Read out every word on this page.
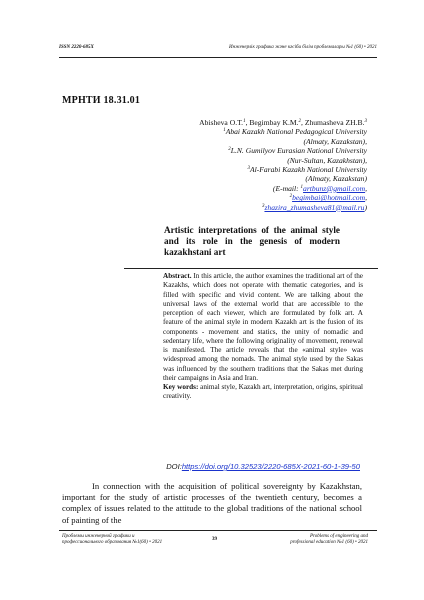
ISSN 2220-685X	Инженерлік графика және кәсіби білім проблемалары №1 (60) • 2021
МРНТИ 18.31.01
Abisheva O.T.$^1$, Begimbay K.M.$^2$, Zhumasheva ZH.B.$^3$
$^1$Abai Kazakh National Pedagogical University
(Almaty, Kazakstan),
$^2$L.N. Gumilyov Eurasian National University
(Nur-Sultan, Kazakhstan),
$^3$Al-Farabi Kazakh National University
(Almaty, Kazakstan)
(E-mail: $^1$artbunz@gmail.com,
$^2$begimbai@hotmail.com,
$^3$zhazira_zhumasheva81@mail.ru)
Artistic interpretations of the animal style and its role in the genesis of modern kazakhstani art
Abstract. In this article, the author examines the traditional art of the Kazakhs, which does not operate with thematic categories, and is filled with specific and vivid content. We are talking about the universal laws of the external world that are accessible to the perception of each viewer, which are formulated by folk art. A feature of the animal style in modern Kazakh art is the fusion of its components - movement and statics, the unity of nomadic and sedentary life, where the following originality of movement, renewal is manifested. The article reveals that the «animal style» was widespread among the nomads. The animal style used by the Sakas was influenced by the southern traditions that the Sakas met during their campaigns in Asia and Iran.
Key words: animal style, Kazakh art, interpretation, origins, spiritual creativity.
DOI:https://doi.org/10.32523/2220-685X-2021-60-1-39-50
In connection with the acquisition of political sovereignty by Kazakhstan, important for the study of artistic processes of the twentieth century, becomes a complex of issues related to the attitude to the global traditions of the national school of painting of the
Проблемы инженерной графики и
профессионального образования №1(60) • 2021
39
Problems of engineering and
professional education №1 (60) • 2021
